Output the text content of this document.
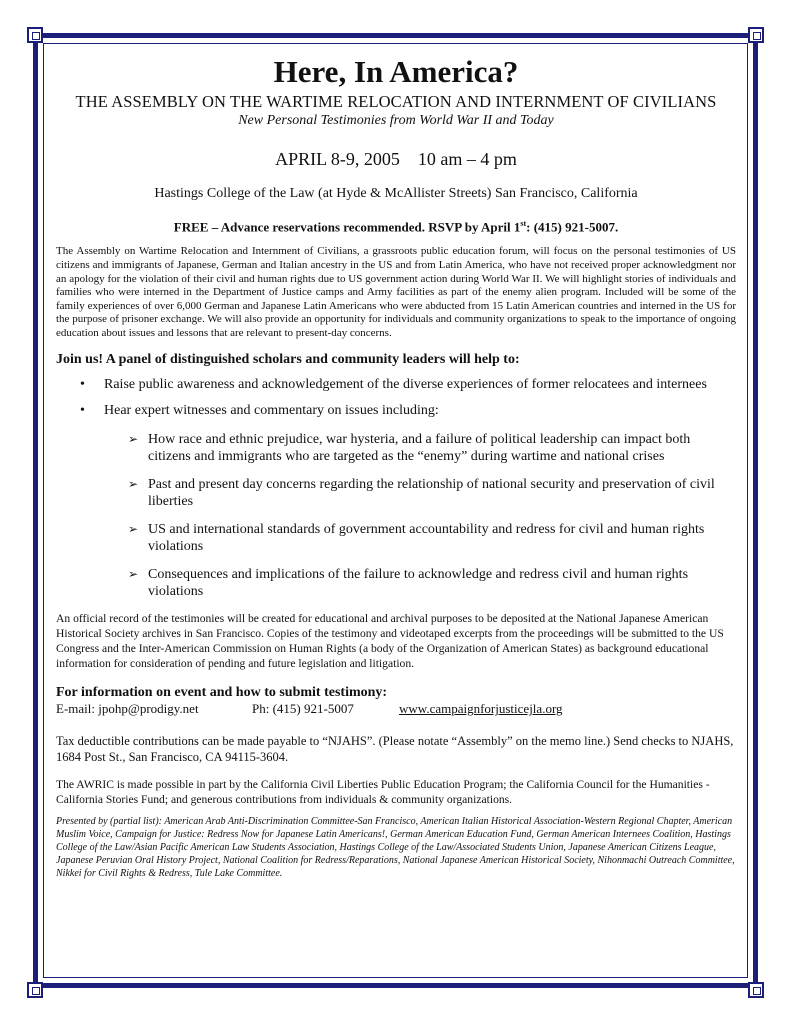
Here, In America?
THE ASSEMBLY ON THE WARTIME RELOCATION AND INTERNMENT OF CIVILIANS
New Personal Testimonies from World War II and Today
APRIL 8-9, 2005    10 am – 4 pm
Hastings College of the Law (at Hyde & McAllister Streets) San Francisco, California
FREE – Advance reservations recommended. RSVP by April 1st: (415) 921-5007.

The Assembly on Wartime Relocation and Internment of Civilians, a grassroots public education forum, will focus on the personal testimonies of US citizens and immigrants of Japanese, German and Italian ancestry in the US and from Latin America, who have not received proper acknowledgment nor an apology for the violation of their civil and human rights due to US government action during World War II. We will highlight stories of individuals and families who were interned in the Department of Justice camps and Army facilities as part of the enemy alien program. Included will be some of the family experiences of over 6,000 German and Japanese Latin Americans who were abducted from 15 Latin American countries and interned in the US for the purpose of prisoner exchange. We will also provide an opportunity for individuals and community organizations to speak to the importance of ongoing education about issues and lessons that are relevant to present-day concerns.

Join us! A panel of distinguished scholars and community leaders will help to:
• Raise public awareness and acknowledgement of the diverse experiences of former relocatees and internees
• Hear expert witnesses and commentary on issues including:
➢ How race and ethnic prejudice, war hysteria, and a failure of political leadership can impact both citizens and immigrants who are targeted as the “enemy” during wartime and national crises
➢ Past and present day concerns regarding the relationship of national security and preservation of civil liberties
➢ US and international standards of government accountability and redress for civil and human rights violations
➢ Consequences and implications of the failure to acknowledge and redress civil and human rights violations

An official record of the testimonies will be created for educational and archival purposes to be deposited at the National Japanese American Historical Society archives in San Francisco. Copies of the testimony and videotaped excerpts from the proceedings will be submitted to the US Congress and the Inter-American Commission on Human Rights (a body of the Organization of American States) as background educational information for consideration of pending and future legislation and litigation.

For information on event and how to submit testimony:
E-mail: jpohp@prodigy.net	Ph: (415) 921-5007	www.campaignforjusticejla.org

Tax deductible contributions can be made payable to “NJAHS”. (Please notate “Assembly” on the memo line.) Send checks to NJAHS, 1684 Post St., San Francisco, CA 94115-3604.

The AWRIC is made possible in part by the California Civil Liberties Public Education Program; the California Council for the Humanities - California Stories Fund; and generous contributions from individuals & community organizations.

Presented by (partial list): American Arab Anti-Discrimination Committee-San Francisco, American Italian Historical Association-Western Regional Chapter, American Muslim Voice, Campaign for Justice: Redress Now for Japanese Latin Americans!, German American Education Fund, German American Internees Coalition, Hastings College of the Law/Asian Pacific American Law Students Association, Hastings College of the Law/Associated Students Union, Japanese American Citizens League, Japanese Peruvian Oral History Project, National Coalition for Redress/Reparations, National Japanese American Historical Society, Nihonmachi Outreach Committee, Nikkei for Civil Rights & Redress, Tule Lake Committee.
